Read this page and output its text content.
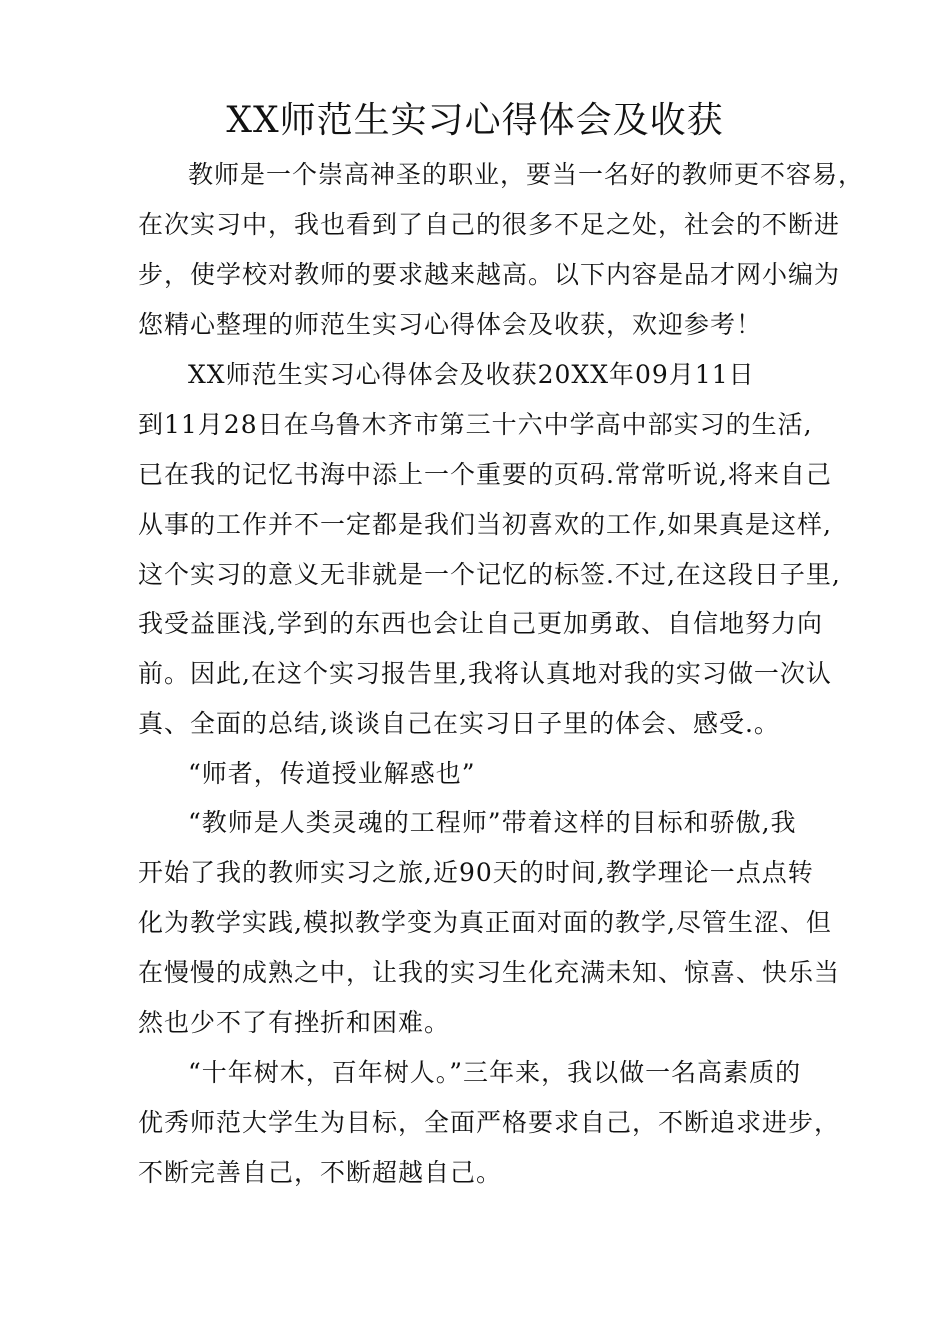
XX师范生实习心得体会及收获
教师是一个崇高神圣的职业，要当一名好的教师更不容易，
在次实习中，我也看到了自己的很多不足之处，社会的不断进
步，使学校对教师的要求越来越高。以下内容是品才网小编为
您精心整理的师范生实习心得体会及收获，欢迎参考！
XX师范生实习心得体会及收获20XX年09月11日
到11月28日在乌鲁木齐市第三十六中学高中部实习的生活,
已在我的记忆书海中添上一个重要的页码.常常听说,将来自己
从事的工作并不一定都是我们当初喜欢的工作,如果真是这样,
这个实习的意义无非就是一个记忆的标签.不过,在这段日子里,
我受益匪浅,学到的东西也会让自己更加勇敢、自信地努力向
前。因此,在这个实习报告里,我将认真地对我的实习做一次认
真、全面的总结,谈谈自己在实习日子里的体会、感受.。
“师者，传道授业解惑也”
“教师是人类灵魂的工程师”带着这样的目标和骄傲,我
开始了我的教师实习之旅,近90天的时间,教学理论一点点转
化为教学实践,模拟教学变为真正面对面的教学,尽管生涩、但
在慢慢的成熟之中，让我的实习生化充满未知、惊喜、快乐当
然也少不了有挫折和困难。
“十年树木，百年树人。”三年来，我以做一名高素质的
优秀师范大学生为目标，全面严格要求自己，不断追求进步，
不断完善自己，不断超越自己。
